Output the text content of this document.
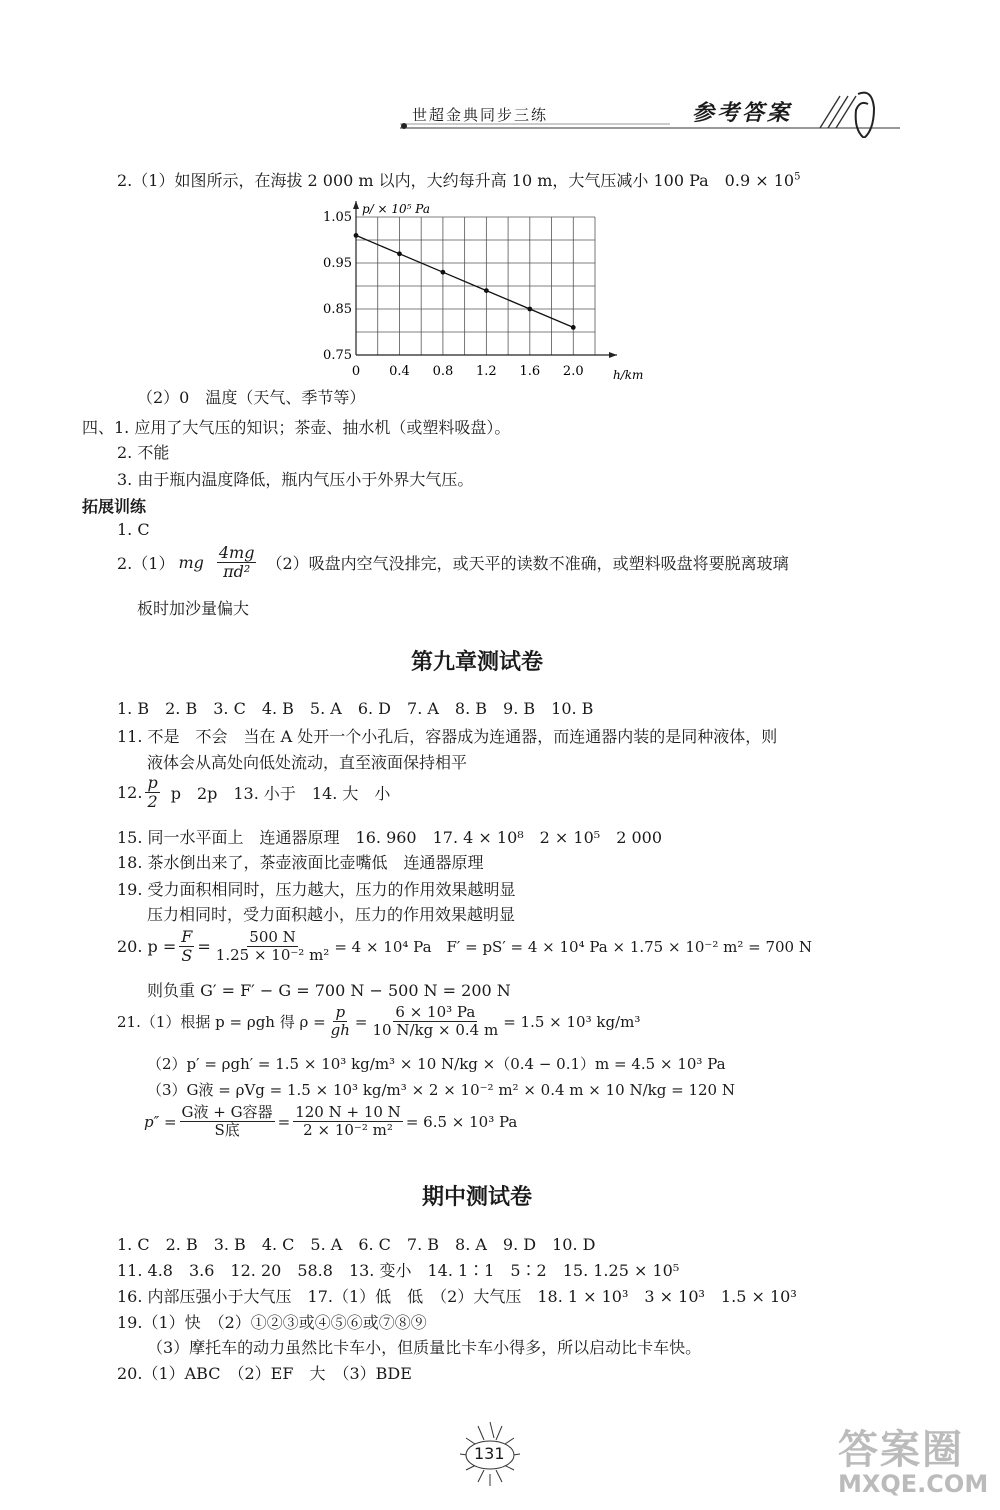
世超金典同步三练	参考答案
2.（1）如图所示，在海拔 2 000 m 以内，大约每升高 10 m，大气压减小 100 Pa　$0.9 \times 10^5$
0 0.4 0.8 1.2 1.6 2.0
1.05
0.95
0.85
0.75
p/ × 10⁵ Pa
h/km
（2）0　温度（天气、季节等）
四、1. 应用了大气压的知识；茶壶、抽水机（或塑料吸盘）。
2. 不能
3. 由于瓶内温度降低，瓶内气压小于外界大气压。
拓展训练
1. C
2.（1） mg $\frac{4mg}{\text{πd²}} (2)$吸盘内空气没排完，或天平的读数不准确，或塑料吸盘将要脱离玻璃
板时加沙量偏大
第九章测试卷
1. B　2. B　3. C　4. B　5. A　6. D　7. A　8. B　9. B　10. B
11. 不是　不会　当在 A 处开一个小孔后，容器成为连通器，而连通器内装的是同种液体，则
液体会从高处向低处流动，直至液面保持相平
12. $\frac{p}{2}$ p　2p　13. 小于　14. 大　小
15. 同一水平面上　连通器原理　16. 960　17. 4 × 10⁸　2 × 10⁵　2 000
18. 茶水倒出来了，茶壶液面比壶嘴低　连通器原理
19. 受力面积相同时，压力越大，压力的作用效果越明显
压力相同时，受力面积越小，压力的作用效果越明显
20. $p = \frac{F}{S} = \frac{500 N}{\text{1.25 × 10⁻² m²}} = 4 \times 10^4$ Pa　F′ = pS′ = 4 × 10⁴ Pa × 1.75 × 10⁻² m² = 700 N
则负重 G′ = F′ − G = 700 N − 500 N = 200 N
21.（1）根据 p = ρgh 得 $\rho = \frac{p}{gh} = \frac{\text{6 × 10³ Pa}}{10 N/kg \times 0.4 m} = 1.5 \times 10^3$ kg/m³
（2）p′ = ρgh′ = 1.5 × 10³ kg/m³ × 10 N/kg ×（0.4 − 0.1）m = 4.5 × 10³ Pa
（3）G液 = ρVg = 1.5 × 10³ kg/m³ × 2 × 10⁻² m² × 0.4 m × 10 N/kg = 120 N
$p'' = \frac{\text{G液 + G容器}}{\text{S底}} = \frac{120 N + 10 N}{\text{2 × 10⁻² m²}} = 6.5 \times 10^3$ Pa
期中测试卷
1. C　2. B　3. B　4. C　5. A　6. C　7. B　8. A　9. D　10. D
11. 4.8　3.6　12. 20　58.8　13. 变小　14. 1∶1　5∶2　15. 1.25 × 10⁵
16. 内部压强小于大气压　17.（1）低　低　（2）大气压　18. 1 × 10³　3 × 10³　1.5 × 10³
19.（1）快　（2）①②③或④⑤⑥或⑦⑧⑨
（3）摩托车的动力虽然比卡车小，但质量比卡车小得多，所以启动比卡车快。
20.（1）ABC　（2）EF　大　（3）BDE
131	答案圈
MXQE.COM
